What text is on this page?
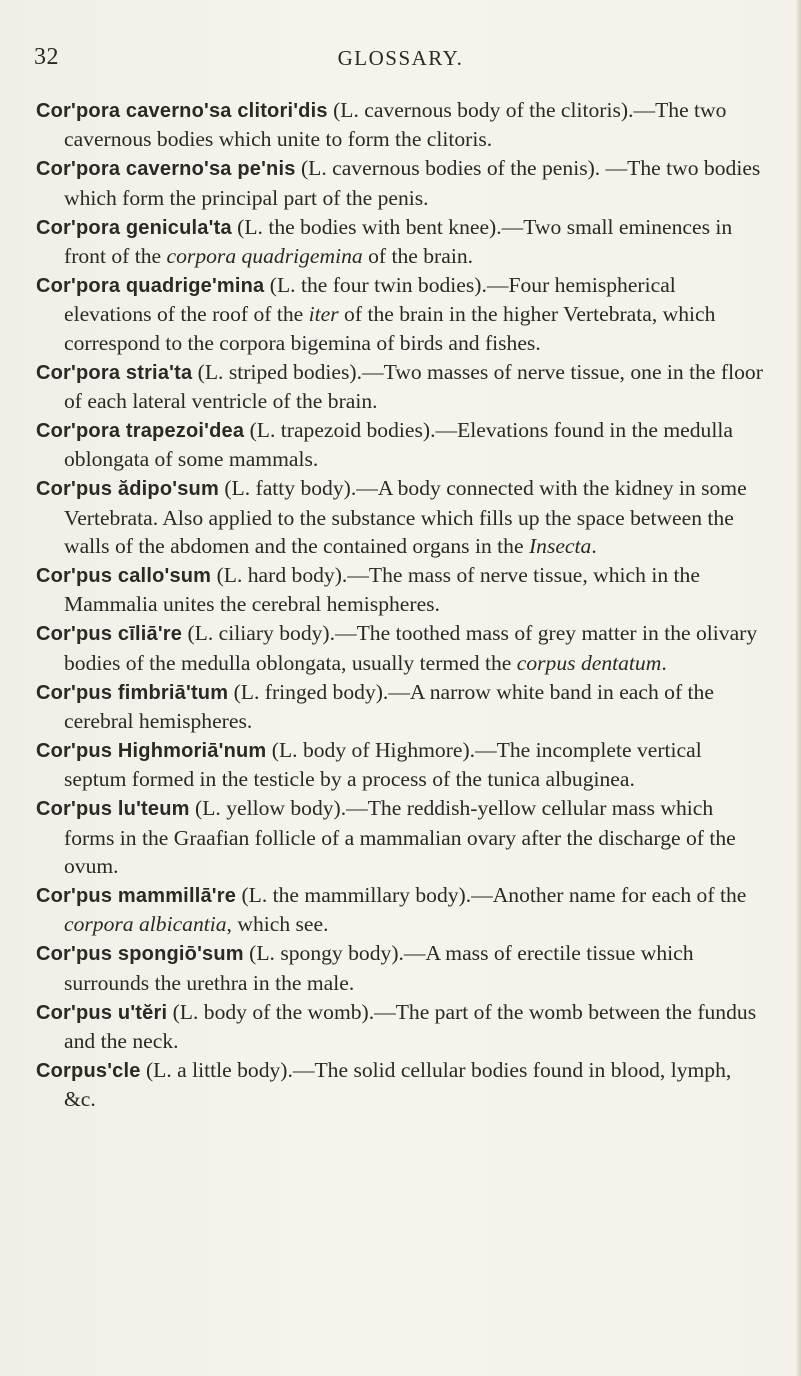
32	GLOSSARY.

Cor'pora caverno'sa clitori'dis (L. cavernous body of the clitoris).—The two cavernous bodies which unite to form the clitoris.

Cor'pora caverno'sa pe'nis (L. cavernous bodies of the penis). —The two bodies which form the principal part of the penis.

Cor'pora genicula'ta (L. the bodies with bent knee).—Two small eminences in front of the corpora quadrigemina of the brain.

Cor'pora quadrige'mina (L. the four twin bodies).—Four hemispherical elevations of the roof of the iter of the brain in the higher Vertebrata, which correspond to the corpora bigemina of birds and fishes.

Cor'pora stria'ta (L. striped bodies).—Two masses of nerve tissue, one in the floor of each lateral ventricle of the brain.

Cor'pora trapezoi'dea (L. trapezoid bodies).—Elevations found in the medulla oblongata of some mammals.

Cor'pus ădipo'sum (L. fatty body).—A body connected with the kidney in some Vertebrata. Also applied to the substance which fills up the space between the walls of the abdomen and the contained organs in the Insecta.

Cor'pus callo'sum (L. hard body).—The mass of nerve tissue, which in the Mammalia unites the cerebral hemispheres.

Cor'pus cīliā're (L. ciliary body).—The toothed mass of grey matter in the olivary bodies of the medulla oblongata, usually termed the corpus dentatum.

Cor'pus fimbriā'tum (L. fringed body).—A narrow white band in each of the cerebral hemispheres.

Cor'pus Highmoriā'num (L. body of Highmore).—The incomplete vertical septum formed in the testicle by a process of the tunica albuginea.

Cor'pus lu'teum (L. yellow body).—The reddish-yellow cellular mass which forms in the Graafian follicle of a mammalian ovary after the discharge of the ovum.

Cor'pus mammillā're (L. the mammillary body).—Another name for each of the corpora albicantia, which see.

Cor'pus spongiō'sum (L. spongy body).—A mass of erectile tissue which surrounds the urethra in the male.

Cor'pus u'tĕri (L. body of the womb).—The part of the womb between the fundus and the neck.

Corpus'cle (L. a little body).—The solid cellular bodies found in blood, lymph, &c.
